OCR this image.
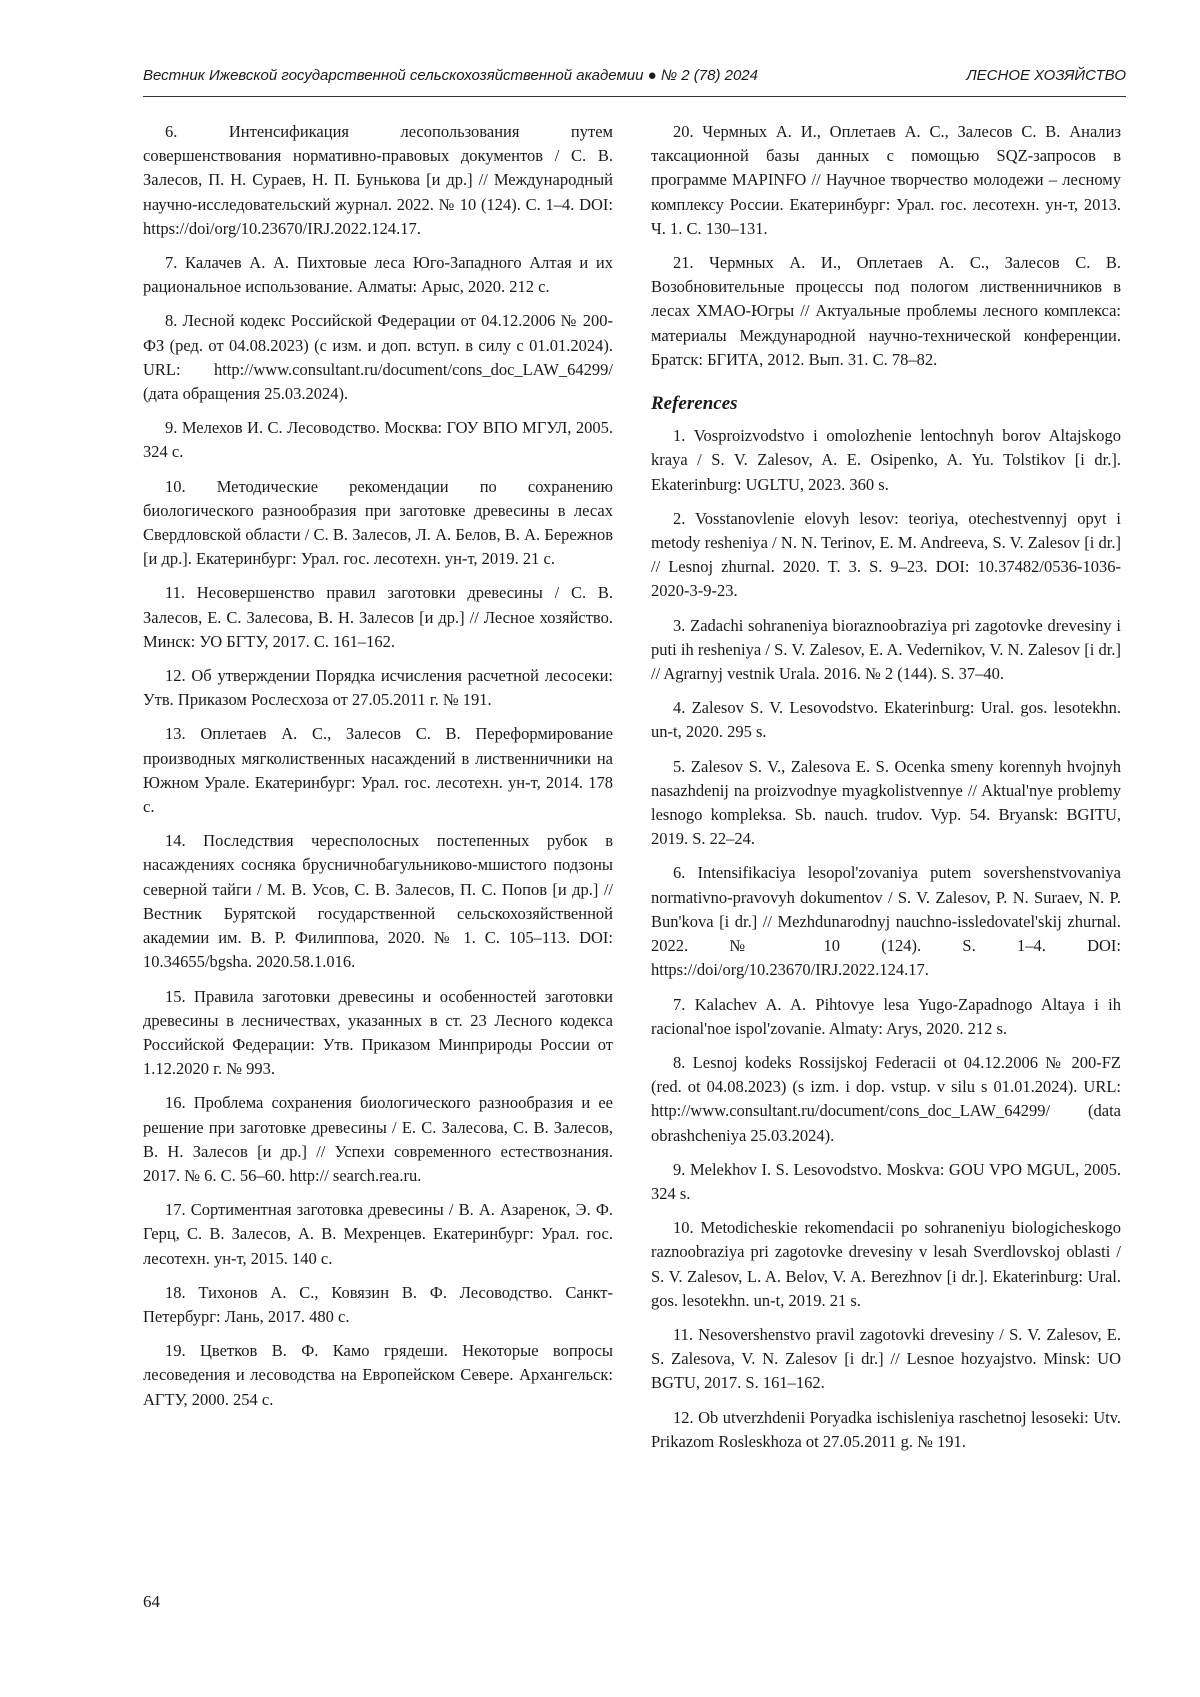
Вестник Ижевской государственной сельскохозяйственной академии ● № 2 (78) 2024	ЛЕСНОЕ ХОЗЯЙСТВО

6. Интенсификация лесопользования путем совершенствования нормативно-правовых документов / С. В. Залесов, П. Н. Сураев, Н. П. Бунькова [и др.] // Международный научно-исследовательский журнал. 2022. № 10 (124). С. 1–4. DOI: https://doi/org/10.23670/IRJ.2022.124.17.

7. Калачев А. А. Пихтовые леса Юго-Западного Алтая и их рациональное использование. Алматы: Арыс, 2020. 212 с.

8. Лесной кодекс Российской Федерации от 04.12.2006 № 200-ФЗ (ред. от 04.08.2023) (с изм. и доп. вступ. в силу с 01.01.2024). URL: http://www.consultant.ru/document/cons_doc_LAW_64299/ (дата обращения 25.03.2024).

9. Мелехов И. С. Лесоводство. Москва: ГОУ ВПО МГУЛ, 2005. 324 с.

10. Методические рекомендации по сохранению биологического разнообразия при заготовке древесины в лесах Свердловской области / С. В. Залесов, Л. А. Белов, В. А. Бережнов [и др.]. Екатеринбург: Урал. гос. лесотехн. ун-т, 2019. 21 с.

11. Несовершенство правил заготовки древесины / С. В. Залесов, Е. С. Залесова, В. Н. Залесов [и др.] // Лесное хозяйство. Минск: УО БГТУ, 2017. С. 161–162.

12. Об утверждении Порядка исчисления расчетной лесосеки: Утв. Приказом Рослесхоза от 27.05.2011 г. № 191.

13. Оплетаев А. С., Залесов С. В. Переформирование производных мягколиственных насаждений в лиственничники на Южном Урале. Екатеринбург: Урал. гос. лесотехн. ун-т, 2014. 178 с.

14. Последствия чересполосных постепенных рубок в насаждениях сосняка брусничнобагульниково-мшистого подзоны северной тайги / М. В. Усов, С. В. Залесов, П. С. Попов [и др.] // Вестник Бурятской государственной сельскохозяйственной академии им. В. Р. Филиппова, 2020. № 1. С. 105–113. DOI: 10.34655/bgsha. 2020.58.1.016.

15. Правила заготовки древесины и особенностей заготовки древесины в лесничествах, указанных в ст. 23 Лесного кодекса Российской Федерации: Утв. Приказом Минприроды России от 1.12.2020 г. № 993.

16. Проблема сохранения биологического разнообразия и ее решение при заготовке древесины / Е. С. Залесова, С. В. Залесов, В. Н. Залесов [и др.] // Успехи современного естествознания. 2017. № 6. С. 56–60. http:// search.rea.ru.

17. Сортиментная заготовка древесины / В. А. Азаренок, Э. Ф. Герц, С. В. Залесов, А. В. Мехренцев. Екатеринбург: Урал. гос. лесотехн. ун-т, 2015. 140 с.

18. Тихонов А. С., Ковязин В. Ф. Лесоводство. Санкт-Петербург: Лань, 2017. 480 с.

19. Цветков В. Ф. Камо грядеши. Некоторые вопросы лесоведения и лесоводства на Европейском Севере. Архангельск: АГТУ, 2000. 254 с.

20. Чермных А. И., Оплетаев А. С., Залесов С. В. Анализ таксационной базы данных с помощью SQZ-запросов в программе MAPINFO // Научное творчество молодежи – лесному комплексу России. Екатеринбург: Урал. гос. лесотехн. ун-т, 2013. Ч. 1. С. 130–131.

21. Чермных А. И., Оплетаев А. С., Залесов С. В. Возобновительные процессы под пологом лиственничников в лесах ХМАО-Югры // Актуальные проблемы лесного комплекса: материалы Международной научно-технической конференции. Братск: БГИТА, 2012. Вып. 31. С. 78–82.

References

1. Vosproizvodstvo i omolozhenie lentochnyh borov Altajskogo kraya / S. V. Zalesov, A. E. Osipenko, A. Yu. Tolstikov [i dr.]. Ekaterinburg: UGLTU, 2023. 360 s.

2. Vosstanovlenie elovyh lesov: teoriya, otechestvennyj opyt i metody resheniya / N. N. Terinov, E. M. Andreeva, S. V. Zalesov [i dr.] // Lesnoj zhurnal. 2020. T. 3. S. 9–23. DOI: 10.37482/0536-1036-2020-3-9-23.

3. Zadachi sohraneniya bioraznoobraziya pri zagotovke drevesiny i puti ih resheniya / S. V. Zalesov, E. A. Vedernikov, V. N. Zalesov [i dr.] // Agrarnyj vestnik Urala. 2016. № 2 (144). S. 37–40.

4. Zalesov S. V. Lesovodstvo. Ekaterinburg: Ural. gos. lesotekhn. un-t, 2020. 295 s.

5. Zalesov S. V., Zalesova E. S. Ocenka smeny korennyh hvojnyh nasazhdenij na proizvodnye myagkolistvennye // Aktual'nye problemy lesnogo kompleksa. Sb. nauch. trudov. Vyp. 54. Bryansk: BGITU, 2019. S. 22–24.

6. Intensifikaciya lesopol'zovaniya putem sovershenstvovaniya normativno-pravovyh dokumentov / S. V. Zalesov, P. N. Suraev, N. P. Bun'kova [i dr.] // Mezhdunarodnyj nauchno-issledovatel'skij zhurnal. 2022. № 10 (124). S. 1–4. DOI: https://doi/org/10.23670/IRJ.2022.124.17.

7. Kalachev A. A. Pihtovye lesa Yugo-Zapadnogo Altaya i ih racional'noe ispol'zovanie. Almaty: Arys, 2020. 212 s.

8. Lesnoj kodeks Rossijskoj Federacii ot 04.12.2006 № 200-FZ (red. ot 04.08.2023) (s izm. i dop. vstup. v silu s 01.01.2024). URL: http://www.consultant.ru/document/cons_doc_LAW_64299/ (data obrashcheniya 25.03.2024).

9. Melekhov I. S. Lesovodstvo. Moskva: GOU VPO MGUL, 2005. 324 s.

10. Metodicheskie rekomendacii po sohraneniyu biologicheskogo raznoobraziya pri zagotovke drevesiny v lesah Sverdlovskoj oblasti / S. V. Zalesov, L. A. Belov, V. A. Berezhnov [i dr.]. Ekaterinburg: Ural. gos. lesotekhn. un-t, 2019. 21 s.

11. Nesovershenstvo pravil zagotovki drevesiny / S. V. Zalesov, E. S. Zalesova, V. N. Zalesov [i dr.] // Lesnoe hozyajstvo. Minsk: UO BGTU, 2017. S. 161–162.

12. Ob utverzhdenii Poryadka ischisleniya raschetnoj lesoseki: Utv. Prikazom Rosleskhoza ot 27.05.2011 g. № 191.

64
